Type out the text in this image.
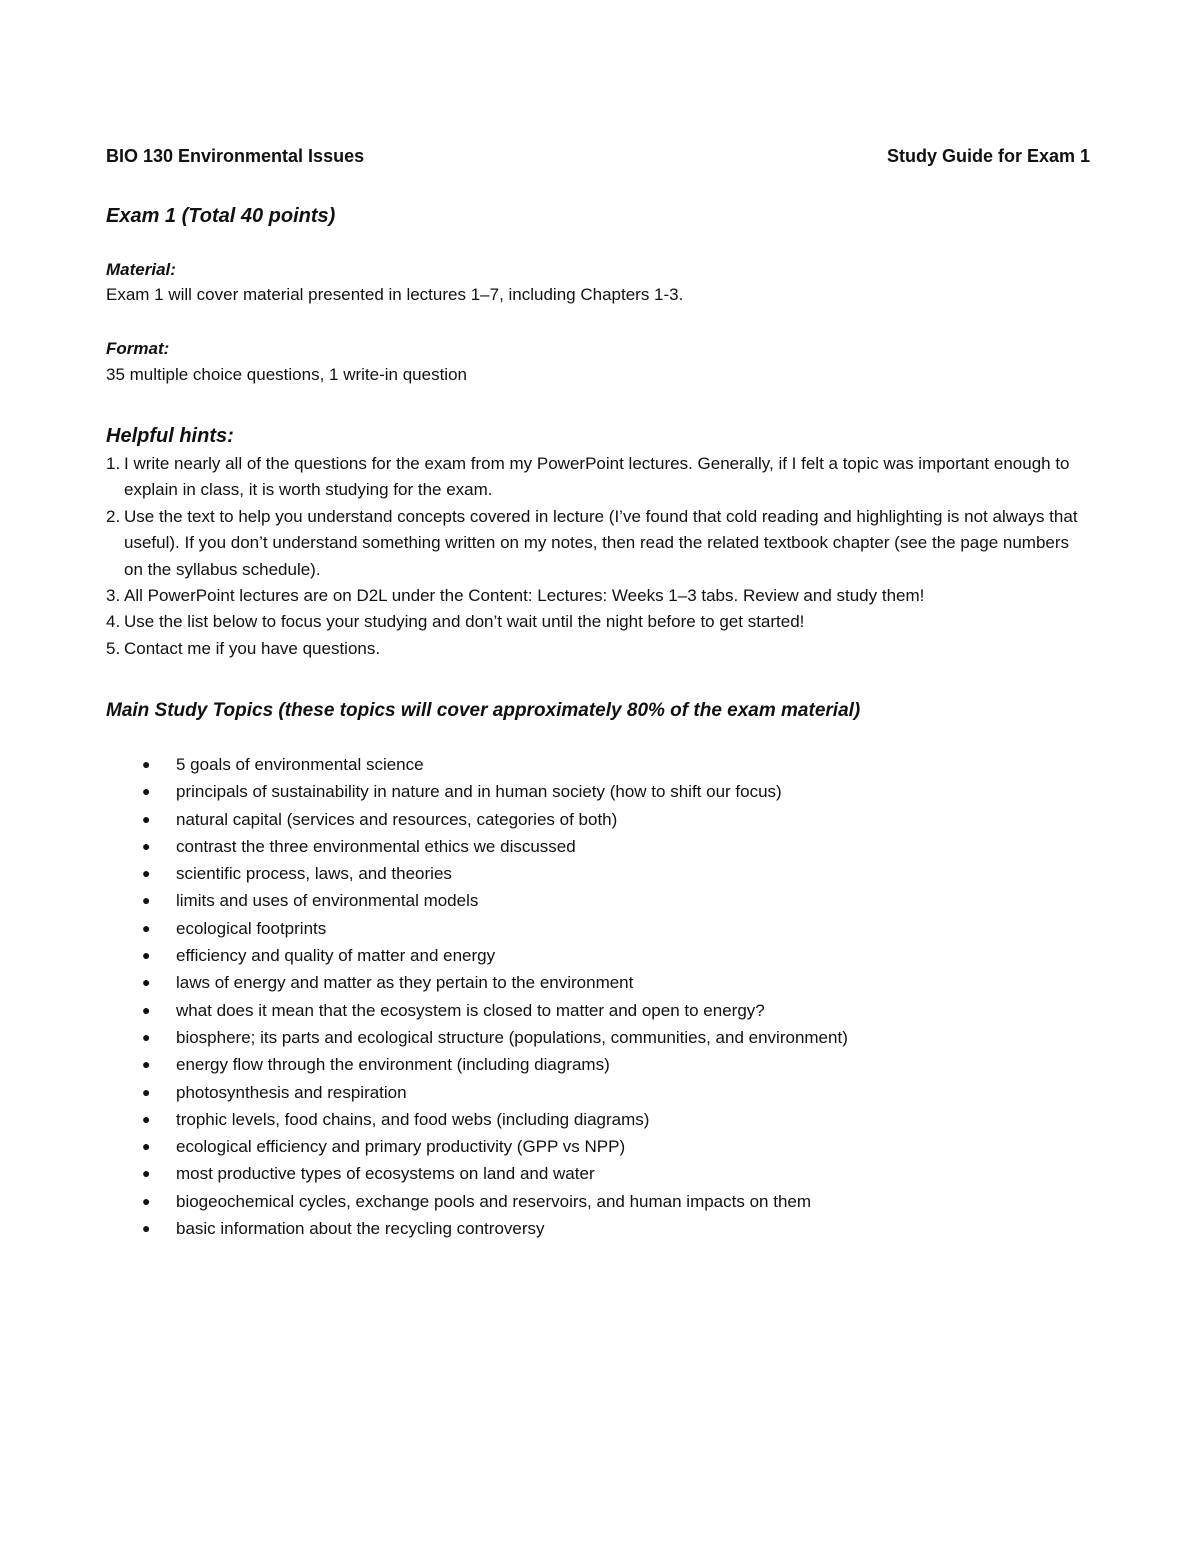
BIO 130 Environmental Issues	Study Guide for Exam 1
Exam 1 (Total 40 points)
Material:
Exam 1 will cover material presented in lectures 1–7, including Chapters 1-3.
Format:
35 multiple choice questions, 1 write-in question
Helpful hints:
1. I write nearly all of the questions for the exam from my PowerPoint lectures. Generally, if I felt a topic was important enough to explain in class, it is worth studying for the exam.
2. Use the text to help you understand concepts covered in lecture (I’ve found that cold reading and highlighting is not always that useful). If you don’t understand something written on my notes, then read the related textbook chapter (see the page numbers on the syllabus schedule).
3. All PowerPoint lectures are on D2L under the Content: Lectures: Weeks 1–3 tabs. Review and study them!
4. Use the list below to focus your studying and don’t wait until the night before to get started!
5. Contact me if you have questions.
Main Study Topics (these topics will cover approximately 80% of the exam material)
● 5 goals of environmental science
● principals of sustainability in nature and in human society (how to shift our focus)
● natural capital (services and resources, categories of both)
● contrast the three environmental ethics we discussed
● scientific process, laws, and theories
● limits and uses of environmental models
● ecological footprints
● efficiency and quality of matter and energy
● laws of energy and matter as they pertain to the environment
● what does it mean that the ecosystem is closed to matter and open to energy?
● biosphere; its parts and ecological structure (populations, communities, and environment)
● energy flow through the environment (including diagrams)
● photosynthesis and respiration
● trophic levels, food chains, and food webs (including diagrams)
● ecological efficiency and primary productivity (GPP vs NPP)
● most productive types of ecosystems on land and water
● biogeochemical cycles, exchange pools and reservoirs, and human impacts on them
● basic information about the recycling controversy
